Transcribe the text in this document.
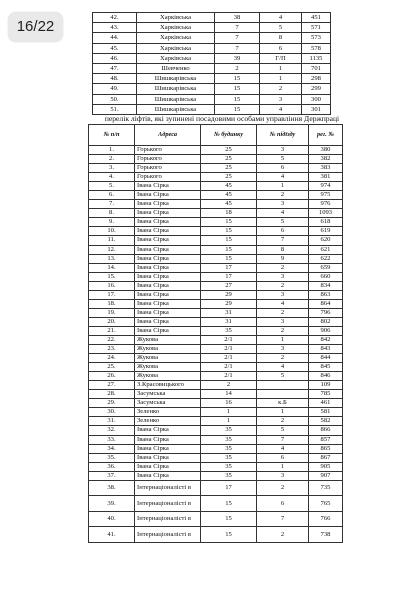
16/22
42.	Харківська	38	4	451
43.	Харківська	7	5	571
44.	Харківська	7	8	573
45.	Харківська	7	6	578
46.	Харківська	39	Г/П	1135
47.	Шевченко	2	1	701
48.	Шишкарівська	15	1	298
49.	Шишкарівська	15	2	299
50.	Шишкарівська	15	3	300
51.	Шишкарівська	15	4	301
перелік ліфтів, які зупинені посадовими особами управління Держпраці
№ п/п	Адреса	№ будинку	№ підїзду	рег. №
1.	Горького	25	3	380
2.	Горького	25	5	382
3.	Горького	25	6	383
4.	Горького	25	4	381
5.	Івана Сірка	45	1	974
6.	Івана Сірка	45	2	975
7.	Івана Сірка	45	3	976
8.	Івана Сірка	18	4	1093
9.	Івана Сірка	15	5	618
10.	Івана Сірка	15	6	619
11.	Івана Сірка	15	7	620
12.	Івана Сірка	15	8	621
13.	Івана Сірка	15	9	622
14.	Івана Сірка	17	2	659
15.	Івана Сірка	17	3	660
16.	Івана Сірка	27	2	834
17.	Івана Сірка	29	3	863
18.	Івана Сірка	29	4	864
19.	Івана Сірка	31	2	796
20.	Івана Сірка	31	3	802
21.	Івана Сірка	35	2	906
22.	Жукова	2/1	1	842
23.	Жукова	2/1	3	843
24.	Жукова	2/1	2	844
25.	Жукова	2/1	4	845
26.	Жукова	2/1	5	846
27.	З.Красовицького	2		109
28.	Засумська	14		785
29.	Засумська	16	к.Б	461
30.	Зеленко	1	1	581
31.	Зеленко	1	2	582
32.	Івана Сірка	35	5	866
33.	Івана Сірка	35	7	857
34.	Івана Сірка	35	4	865
35.	Івана Сірка	35	6	867
36.	Івана Сірка	35	1	905
37.	Івана Сірка	35	3	907
38.	Інтернаціоналісті в	17	2	735
39.	Інтернаціоналісті в	15	6	765
40.	Інтернаціоналісті в	15	7	766
41.	Інтернаціоналісті в	15	2	738
